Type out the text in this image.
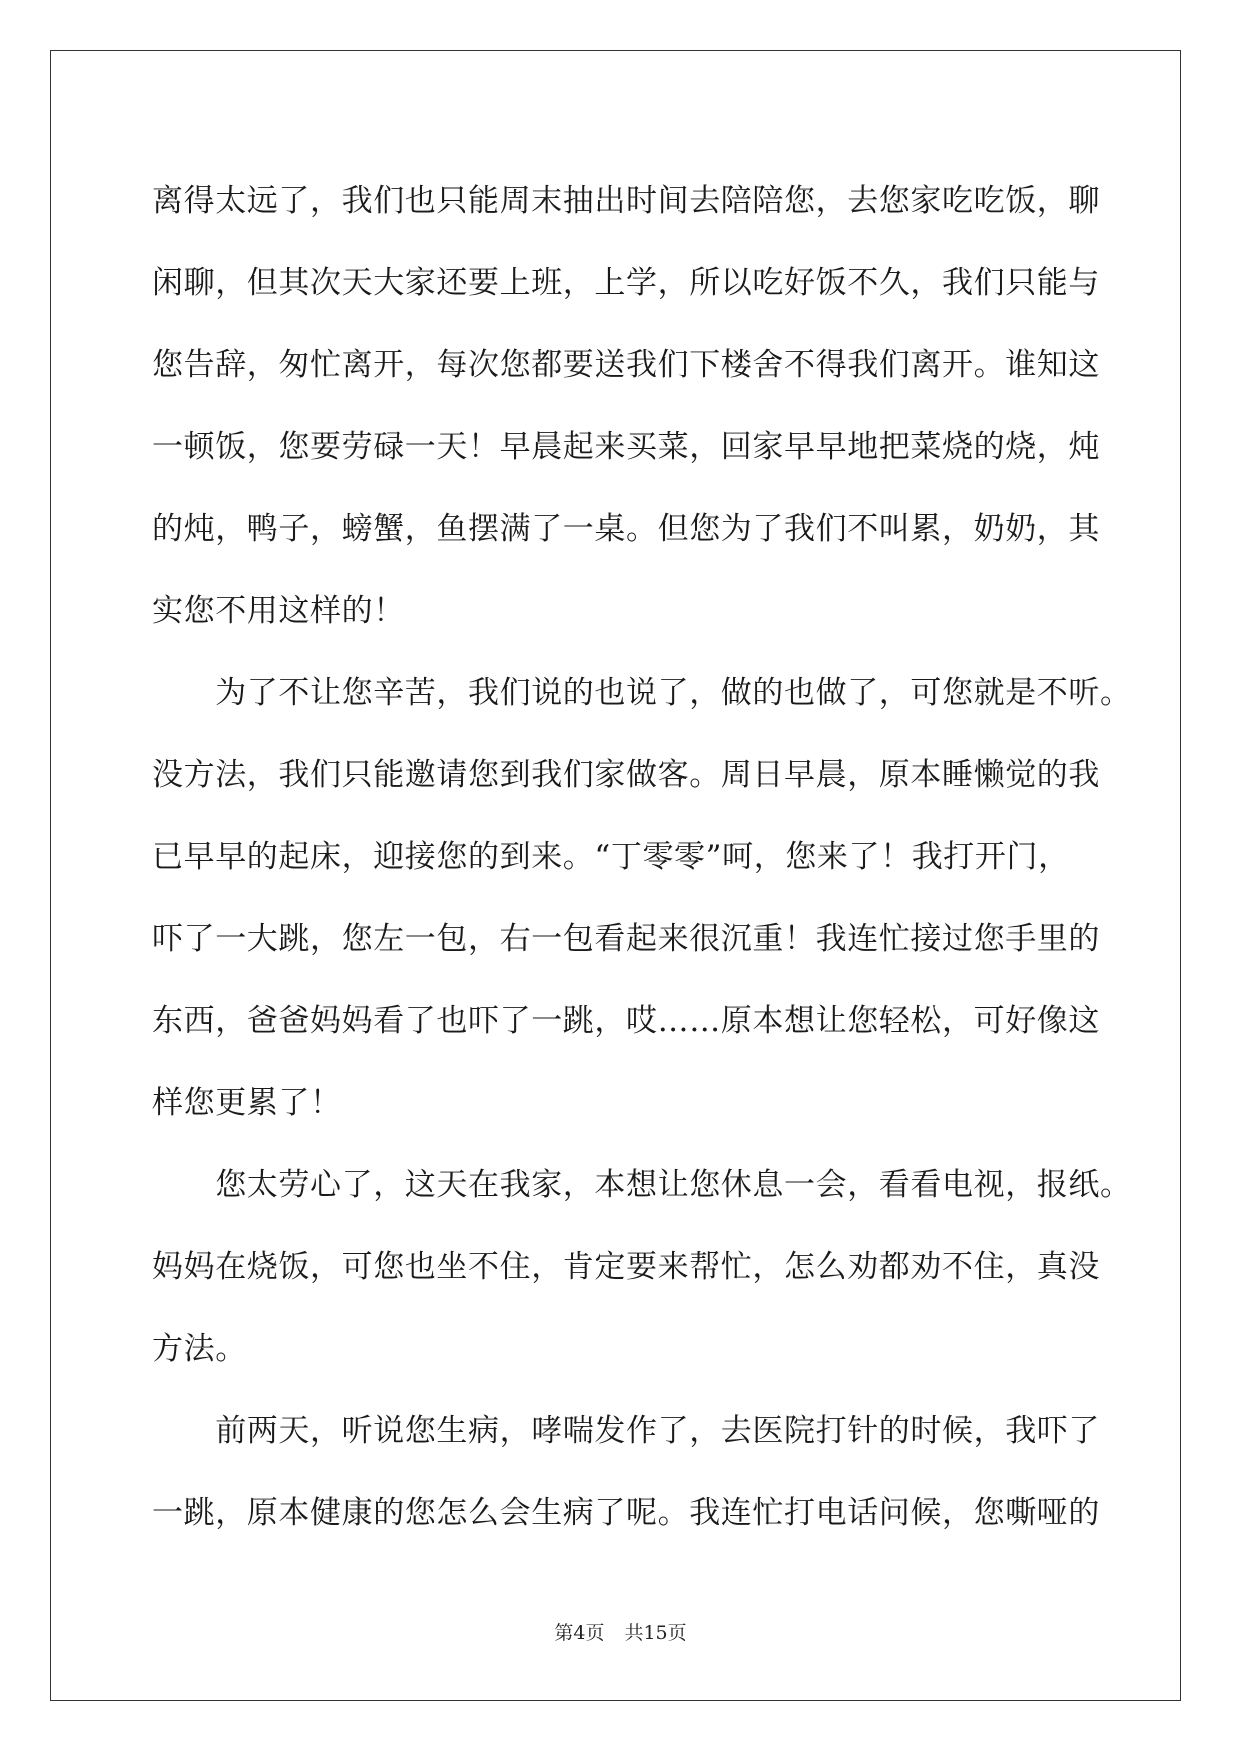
离得太远了，我们也只能周末抽出时间去陪陪您，去您家吃吃饭，聊
闲聊，但其次天大家还要上班，上学，所以吃好饭不久，我们只能与
您告辞，匆忙离开，每次您都要送我们下楼舍不得我们离开。谁知这
一顿饭，您要劳碌一天！早晨起来买菜，回家早早地把菜烧的烧，炖
的炖，鸭子，螃蟹，鱼摆满了一桌。但您为了我们不叫累，奶奶，其
实您不用这样的！
　　为了不让您辛苦，我们说的也说了，做的也做了，可您就是不听。
没方法，我们只能邀请您到我们家做客。周日早晨，原本睡懒觉的我
已早早的起床，迎接您的到来。“丁零零”呵，您来了！我打开门，
吓了一大跳，您左一包，右一包看起来很沉重！我连忙接过您手里的
东西，爸爸妈妈看了也吓了一跳，哎……原本想让您轻松，可好像这
样您更累了！
　　您太劳心了，这天在我家，本想让您休息一会，看看电视，报纸。
妈妈在烧饭，可您也坐不住，肯定要来帮忙，怎么劝都劝不住，真没
方法。
　　前两天，听说您生病，哮喘发作了，去医院打针的时候，我吓了
一跳，原本健康的您怎么会生病了呢。我连忙打电话问候，您嘶哑的
第4页 共15页
